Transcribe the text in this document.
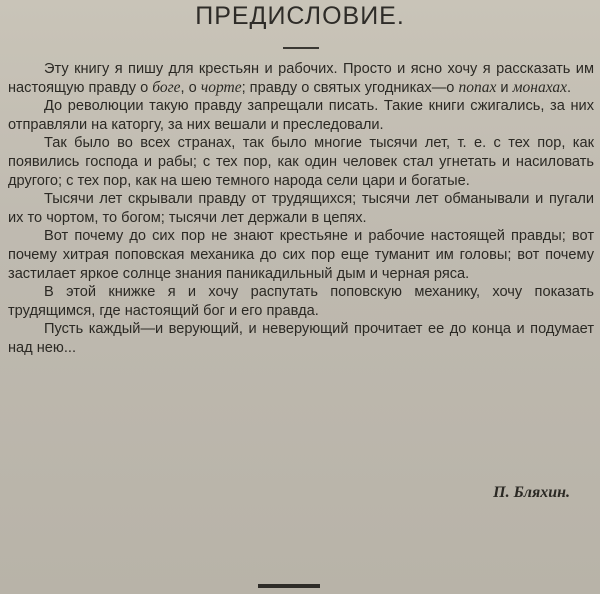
ПРЕДИСЛОВИЕ.

Эту книгу я пишу для крестьян и рабочих. Просто и ясно хочу я рассказать им настоящую правду о боге, о чорте; правду о святых угодниках—о попах и монахах.

До революции такую правду запрещали писать. Такие книги сжигались, за них отправляли на каторгу, за них вешали и преследовали.

Так было во всех странах, так было многие тысячи лет, т. е. с тех пор, как появились господа и рабы; с тех пор, как один человек стал угнетать и насиловать другого; с тех пор, как на шею темного народа сели цари и богатые.

Тысячи лет скрывали правду от трудящихся; тысячи лет обманывали и пугали их то чортом, то богом; тысячи лет держали в цепях.

Вот почему до сих пор не знают крестьяне и рабочие настоящей правды; вот почему хитрая поповская механика до сих пор еще туманит им головы; вот почему застилает яркое солнце знания паникадильный дым и черная ряса.

В этой книжке я и хочу распутать поповскую механику, хочу показать трудящимся, где настоящий бог и его правда.

Пусть каждый—и верующий, и неверующий прочитает ее до конца и подумает над нею...

П. Бляхин.
